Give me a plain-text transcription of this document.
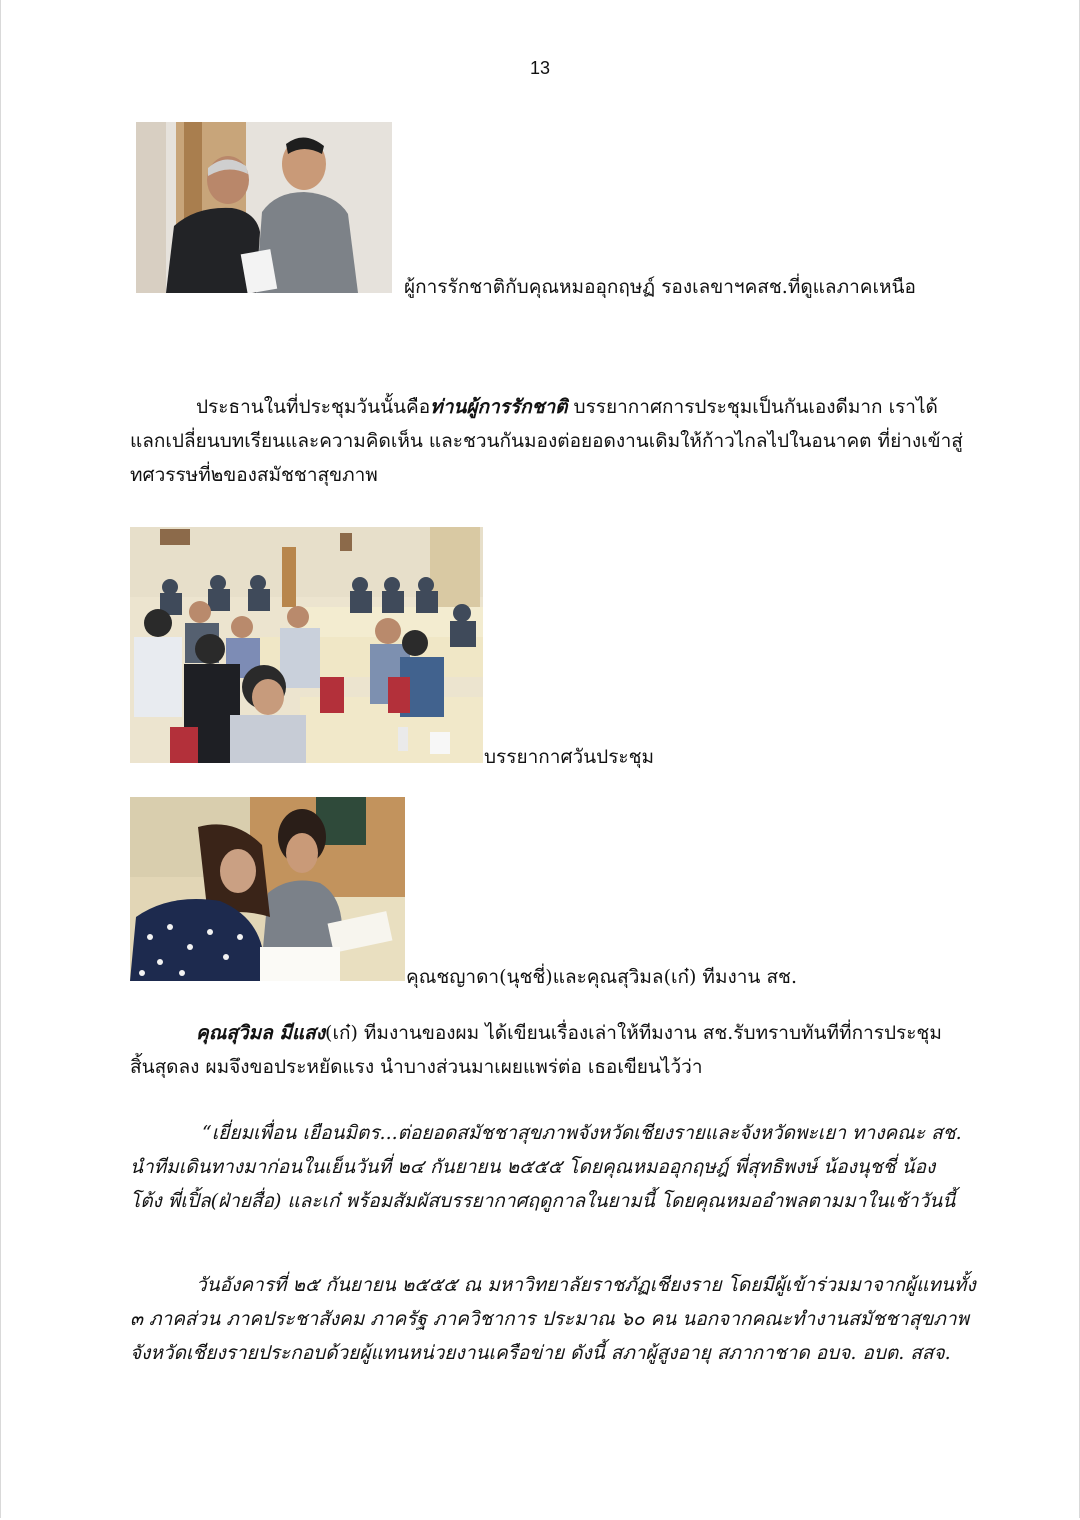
13
ผู้การรักชาติกับคุณหมออุกฤษฏ์ รองเลขาฯคสช.ที่ดูแลภาคเหนือ
ประธานในที่ประชุมวันนั้นคือท่านผู้การรักชาติ บรรยากาศการประชุมเป็นกันเองดีมาก เราได้
แลกเปลี่ยนบทเรียนและความคิดเห็น และชวนกันมองต่อยอดงานเดิมให้ก้าวไกลไปในอนาคต ที่ย่างเข้าสู่
ทศวรรษที่๒ของสมัชชาสุขภาพ
บรรยากาศวันประชุม
คุณชญาดา(นุชชี่)และคุณสุวิมล(เก๋) ทีมงาน สช.
คุณสุวิมล มีแสง(เก๋) ทีมงานของผม ได้เขียนเรื่องเล่าให้ทีมงาน สช.รับทราบทันทีที่การประชุม
สิ้นสุดลง ผมจึงขอประหยัดแรง นำบางส่วนมาเผยแพร่ต่อ เธอเขียนไว้ว่า
“เยี่ยมเพื่อน เยือนมิตร...ต่อยอดสมัชชาสุขภาพจังหวัดเชียงรายและจังหวัดพะเยา ทางคณะ สช.
นำทีมเดินทางมาก่อนในเย็นวันที่ ๒๔ กันยายน ๒๕๕๕ โดยคุณหมออุกฤษฎ์ พี่สุทธิพงษ์ น้องนุชชี่ น้อง
โต้ง พี่เปิ้ล(ฝ่ายสื่อ) และเก๋ พร้อมสัมผัสบรรยากาศฤดูกาลในยามนี้ โดยคุณหมออำพลตามมาในเช้าวันนี้
วันอังคารที่ ๒๕ กันยายน ๒๕๕๕ ณ มหาวิทยาลัยราชภัฏเชียงราย โดยมีผู้เข้าร่วมมาจากผู้แทนทั้ง
๓ ภาคส่วน ภาคประชาสังคม ภาครัฐ ภาควิชาการ ประมาณ ๖๐ คน นอกจากคณะทำงานสมัชชาสุขภาพ
จังหวัดเชียงรายประกอบด้วยผู้แทนหน่วยงานเครือข่าย ดังนี้ สภาผู้สูงอายุ สภากาชาด อบจ. อบต. สสจ.
